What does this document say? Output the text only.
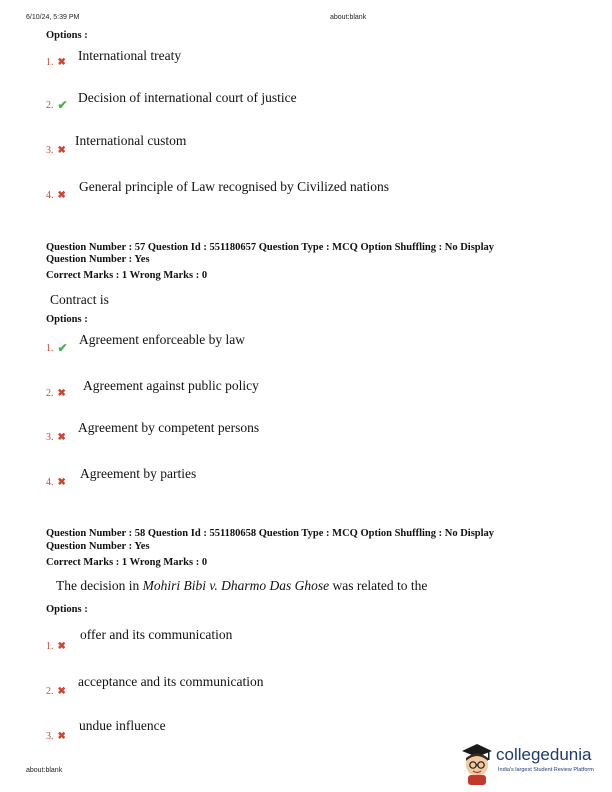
6/10/24, 5:39 PM	about:blank
Options :
1. ✖ International treaty
2. ✔ Decision of international court of justice
3. ✖
International custom
4. ✖
General principle of Law recognised by Civilized nations
Question Number : 57 Question Id : 551180657 Question Type : MCQ Option Shuffling : No Display
Question Number : Yes
Correct Marks : 1 Wrong Marks : 0
Contract is
Options :
1. ✔
Agreement enforceable by law
2. ✖
Agreement against public policy
3. ✖
Agreement by competent persons
4. ✖
Agreement by parties
Question Number : 58 Question Id : 551180658 Question Type : MCQ Option Shuffling : No Display
Question Number : Yes
Correct Marks : 1 Wrong Marks : 0
The decision in Mohiri Bibi v. Dharmo Das Ghose was related to the
Options :
1. ✖
offer and its communication
2. ✖
acceptance and its communication
3. ✖
undue influence
about:blank
collegedunia
India's largest Student Review Platform
